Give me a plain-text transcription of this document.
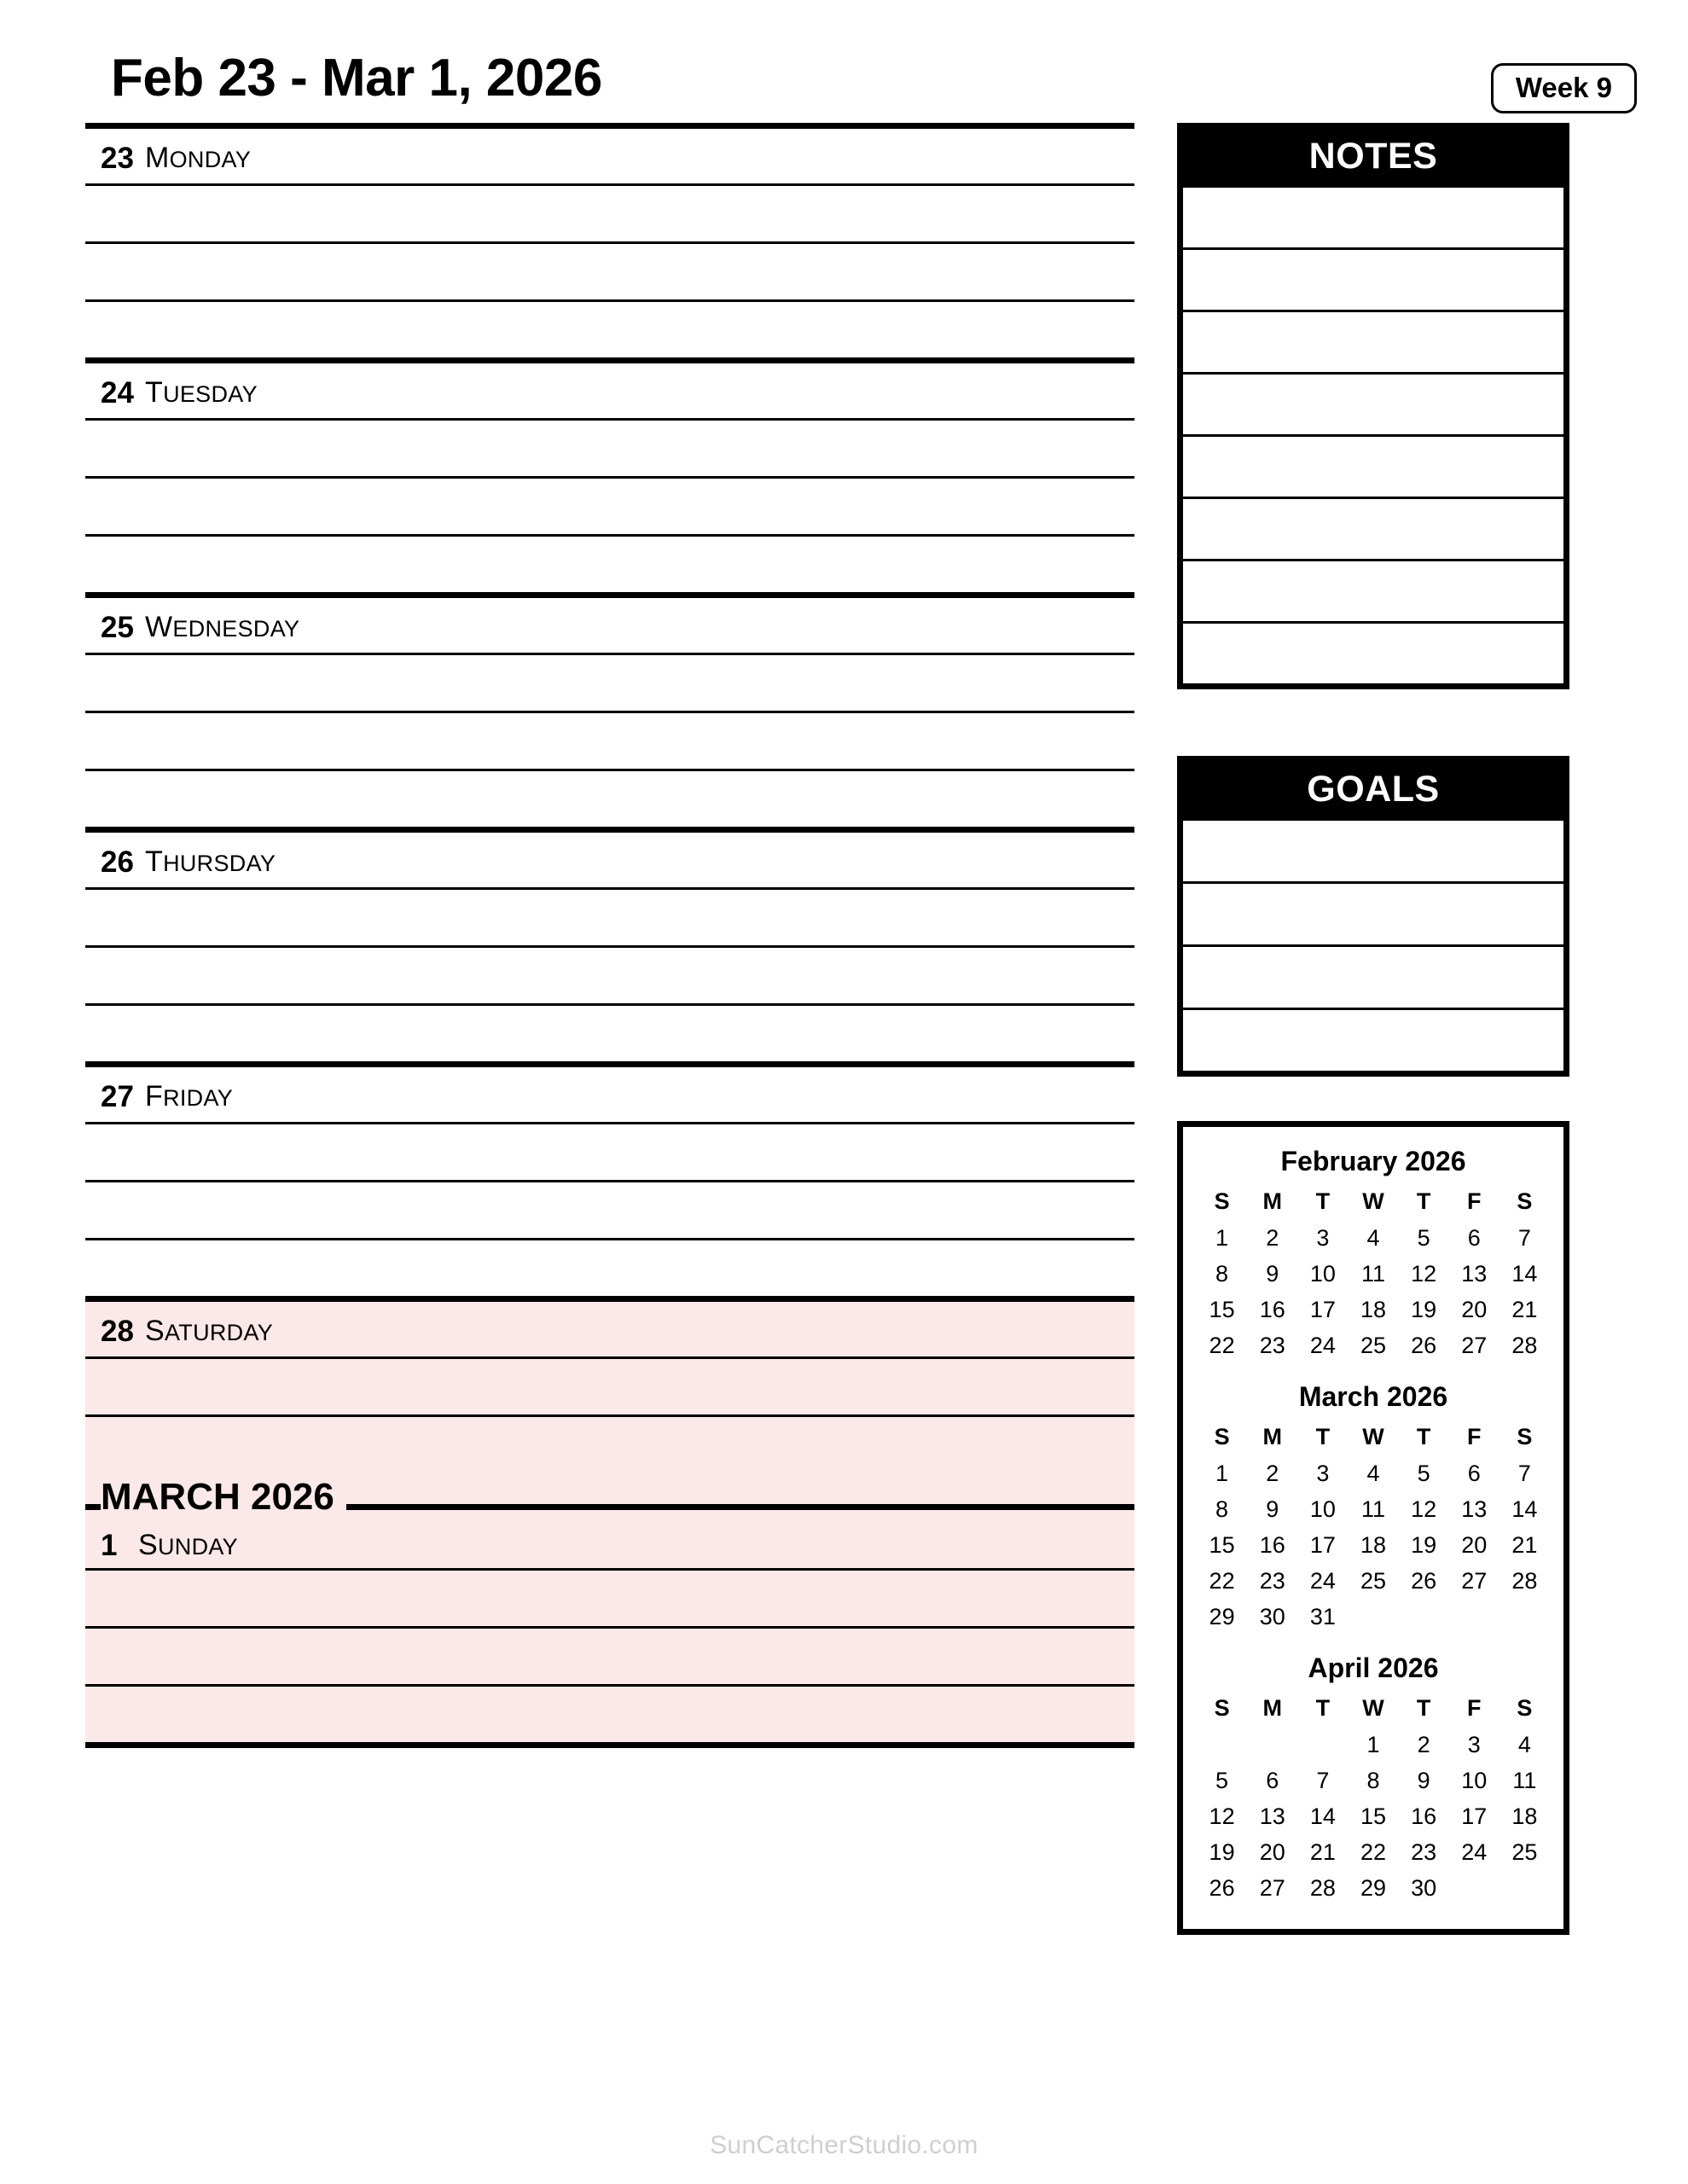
Feb 23 - Mar 1, 2026	Week 9
23 MONDAY
24 TUESDAY
25 WEDNESDAY
26 THURSDAY
27 FRIDAY
28 SATURDAY
MARCH 2026
1 SUNDAY
NOTES
GOALS
February 2026
S	M	T	W	T	F	S
1	2	3	4	5	6	7
8	9	10	11	12	13	14
15	16	17	18	19	20	21
22	23	24	25	26	27	28
March 2026
S	M	T	W	T	F	S
1	2	3	4	5	6	7
8	9	10	11	12	13	14
15	16	17	18	19	20	21
22	23	24	25	26	27	28
29	30	31				
April 2026
S	M	T	W	T	F	S
			1	2	3	4
5	6	7	8	9	10	11
12	13	14	15	16	17	18
19	20	21	22	23	24	25
26	27	28	29	30		
SunCatcherStudio.com
